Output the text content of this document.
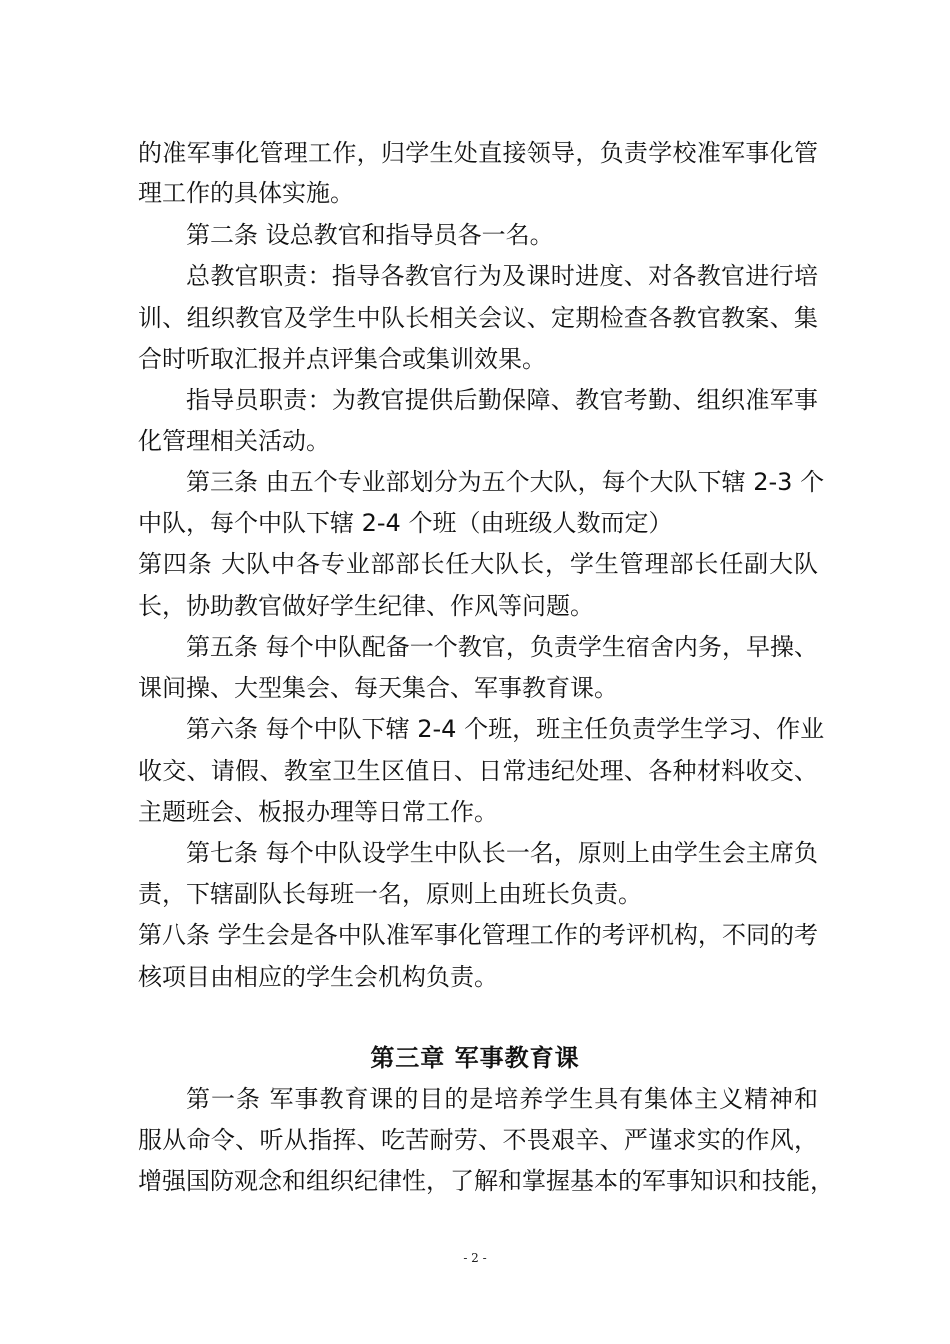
的准军事化管理工作，归学生处直接领导，负责学校准军事化管
理工作的具体实施。
第二条 设总教官和指导员各一名。
总教官职责：指导各教官行为及课时进度、对各教官进行培
训、组织教官及学生中队长相关会议、定期检查各教官教案、集
合时听取汇报并点评集合或集训效果。
指导员职责：为教官提供后勤保障、教官考勤、组织准军事
化管理相关活动。
第三条 由五个专业部划分为五个大队，每个大队下辖 2-3 个
中队，每个中队下辖 2-4 个班（由班级人数而定）
第四条 大队中各专业部部长任大队长，学生管理部长任副大队
长，协助教官做好学生纪律、作风等问题。
第五条 每个中队配备一个教官，负责学生宿舍内务，早操、
课间操、大型集会、每天集合、军事教育课。
第六条 每个中队下辖 2-4 个班，班主任负责学生学习、作业
收交、请假、教室卫生区值日、日常违纪处理、各种材料收交、
主题班会、板报办理等日常工作。
第七条 每个中队设学生中队长一名，原则上由学生会主席负
责，下辖副队长每班一名，原则上由班长负责。
第八条 学生会是各中队准军事化管理工作的考评机构，不同的考
核项目由相应的学生会机构负责。
第三章 军事教育课
第一条 军事教育课的目的是培养学生具有集体主义精神和
服从命令、听从指挥、吃苦耐劳、不畏艰辛、严谨求实的作风，
增强国防观念和组织纪律性，了解和掌握基本的军事知识和技能，
- 2 -
